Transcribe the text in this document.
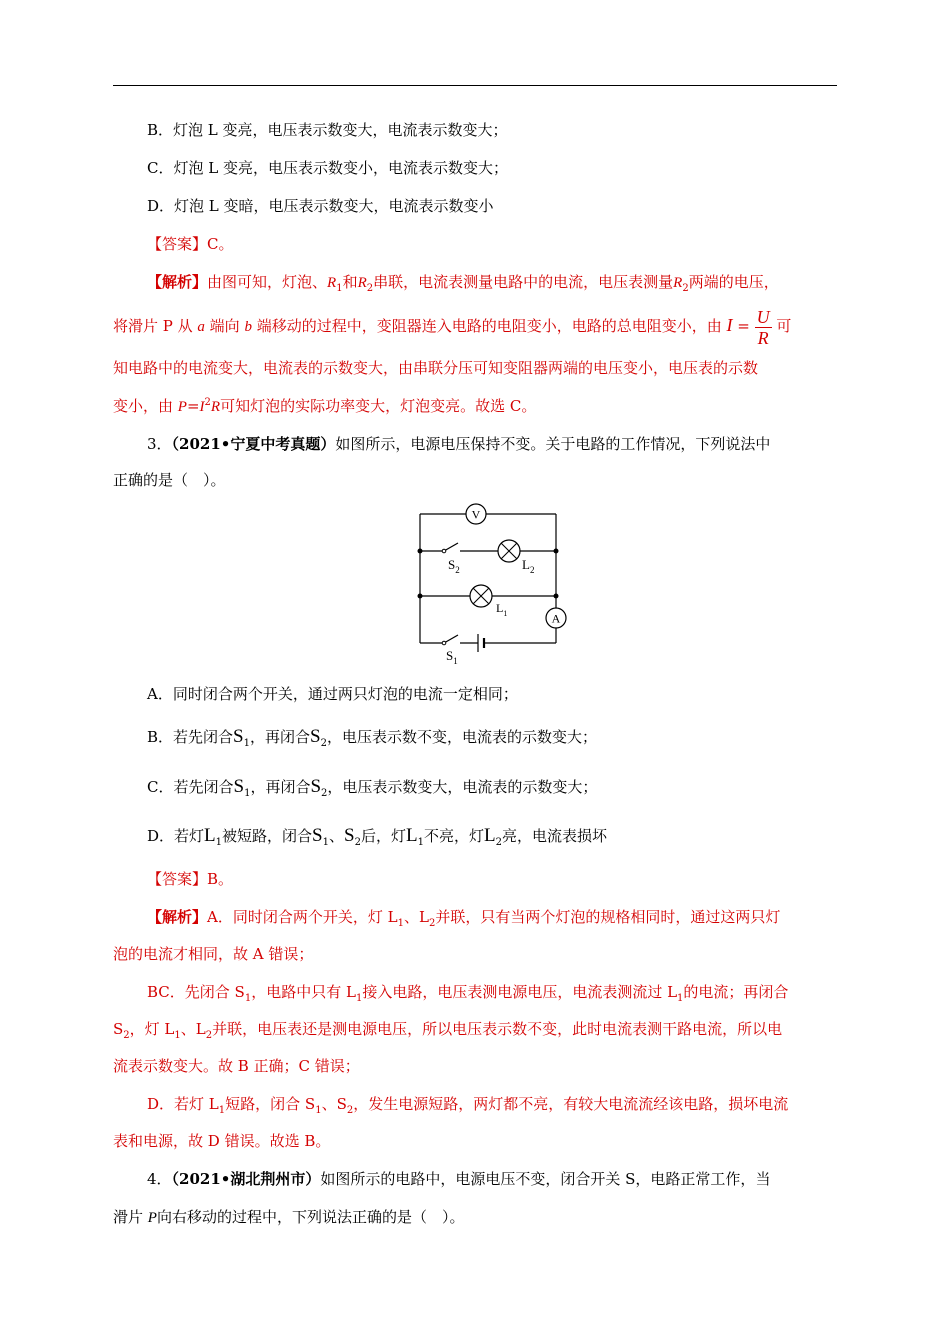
B．灯泡 L 变亮，电压表示数变大，电流表示数变大；
C．灯泡 L 变亮，电压表示数变小，电流表示数变大；
D．灯泡 L 变暗，电压表示数变大，电流表示数变小
【答案】C。
【解析】由图可知，灯泡、$R_1$和$R_2$串联，电流表测量电路中的电流，电压表测量$R_2$两端的电压，
将滑片 P 从 a 端向 b 端移动的过程中，变阻器连入电路的电阻变小，电路的总电阻变小，由 $I = \frac{U}{R}$ 可
知电路中的电流变大，电流表的示数变大，由串联分压可知变阻器两端的电压变小，电压表的示数
变小，由 $P=I^2R$可知灯泡的实际功率变大，灯泡变亮。故选 C。
3．（2021•宁夏中考真题）如图所示，电源电压保持不变。关于电路的工作情况，下列说法中
正确的是（　）。
V
A
$S_2$	$L_2$
$L_1$
$S_1$
A．同时闭合两个开关，通过两只灯泡的电流一定相同；
B．若先闭合$S_1$，再闭合$S_2$，电压表示数不变，电流表的示数变大；
C．若先闭合$S_1$，再闭合$S_2$，电压表示数变大，电流表的示数变大；
D．若灯$L_1$被短路，闭合$S_1$、$S_2$后，灯$L_1$不亮，灯$L_2$亮，电流表损坏
【答案】B。
【解析】A．同时闭合两个开关，灯 $L_1$、$L_2$并联，只有当两个灯泡的规格相同时，通过这两只灯
泡的电流才相同，故 A 错误；
BC．先闭合 $S_1$，电路中只有 $L_1$接入电路，电压表测电源电压，电流表测流过 $L_1$的电流；再闭合
$S_2$，灯 $L_1$、$L_2$并联，电压表还是测电源电压，所以电压表示数不变，此时电流表测干路电流，所以电
流表示数变大。故 B 正确；C 错误；
D．若灯 $L_1$短路，闭合 $S_1$、$S_2$，发生电源短路，两灯都不亮，有较大电流流经该电路，损坏电流
表和电源，故 D 错误。故选 B。
4．（2021•湖北荆州市）如图所示的电路中，电源电压不变，闭合开关 S，电路正常工作，当
滑片 P向右移动的过程中，下列说法正确的是（　）。
